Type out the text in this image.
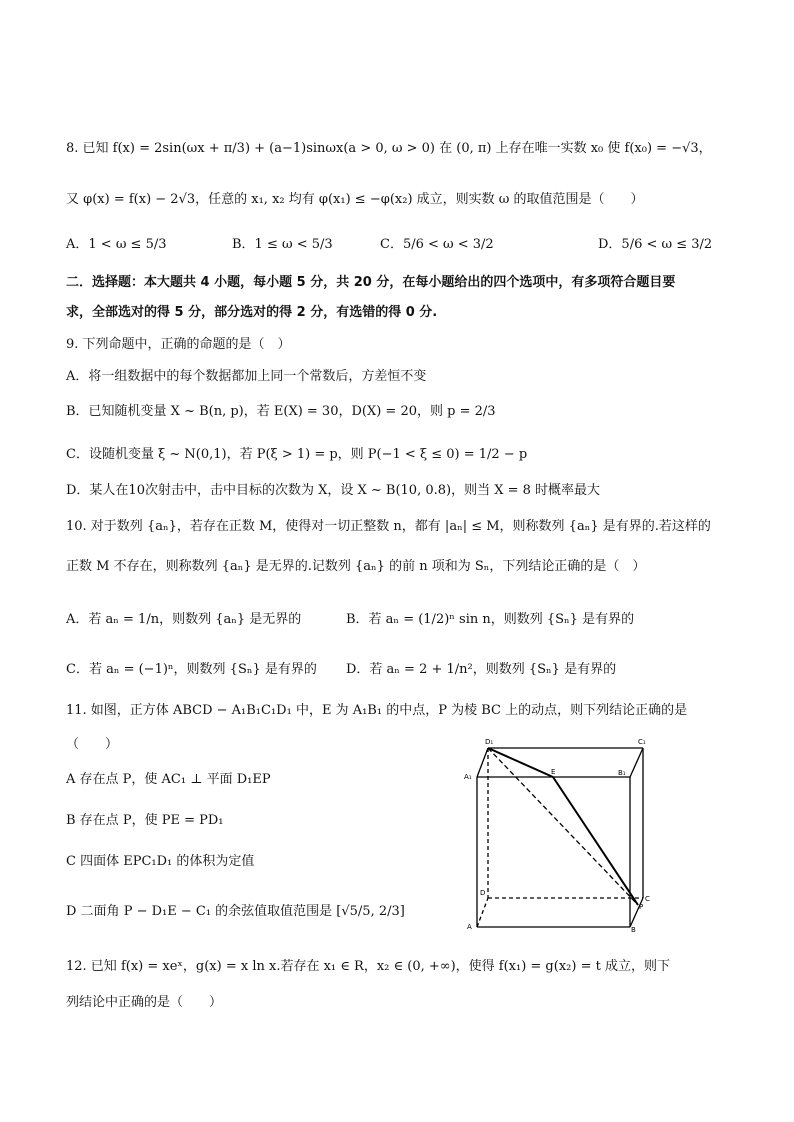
8. 已知 f(x) = 2sin(ωx + π/3) + (a−1)sinωx(a > 0, ω > 0) 在 (0, π) 上存在唯一实数 x₀ 使 f(x₀) = −√3，
又 φ(x) = f(x) − 2√3，任意的 x₁, x₂ 均有 φ(x₁) ≤ −φ(x₂) 成立，则实数 ω 的取值范围是（　　）
A．1 < ω ≤ 5/3	B．1 ≤ ω < 5/3	C．5/6 < ω < 3/2	D．5/6 < ω ≤ 3/2
二．选择题：本大题共 4 小题，每小题 5 分，共 20 分，在每小题给出的四个选项中，有多项符合题目要
求，全部选对的得 5 分，部分选对的得 2 分，有选错的得 0 分.
9. 下列命题中，正确的命题的是（　）
A．将一组数据中的每个数据都加上同一个常数后，方差恒不变
B．已知随机变量 X ~ B(n, p)，若 E(X) = 30，D(X) = 20，则 p = 2/3
C．设随机变量 ξ ~ N(0,1)，若 P(ξ > 1) = p，则 P(−1 < ξ ≤ 0) = 1/2 − p
D．某人在10次射击中，击中目标的次数为 X，设 X ~ B(10, 0.8)，则当 X = 8 时概率最大
10. 对于数列 {aₙ}，若存在正数 M，使得对一切正整数 n，都有 |aₙ| ≤ M，则称数列 {aₙ} 是有界的.若这样的
正数 M 不存在，则称数列 {aₙ} 是无界的.记数列 {aₙ} 的前 n 项和为 Sₙ，下列结论正确的是（　）
A．若 aₙ = 1/n，则数列 {aₙ} 是无界的	B．若 aₙ = (1/2)ⁿ sin n，则数列 {Sₙ} 是有界的
C．若 aₙ = (−1)ⁿ，则数列 {Sₙ} 是有界的 D．若 aₙ = 2 + 1/n²，则数列 {Sₙ} 是有界的
11. 如图，正方体 ABCD − A₁B₁C₁D₁ 中，E 为 A₁B₁ 的中点，P 为棱 BC 上的动点，则下列结论正确的是
（　　）
A 存在点 P，使 AC₁ ⊥ 平面 D₁EP
B 存在点 P，使 PE = PD₁
C 四面体 EPC₁D₁ 的体积为定值
D 二面角 P − D₁E − C₁ 的余弦值取值范围是 [√5/5, 2/3]
D₁	C₁
A₁
E	B₁
D
C
P
A	B
12. 已知 f(x) = xeˣ，g(x) = x ln x.若存在 x₁ ∈ R，x₂ ∈ (0, +∞)，使得 f(x₁) = g(x₂) = t 成立，则下
列结论中正确的是（　　）
